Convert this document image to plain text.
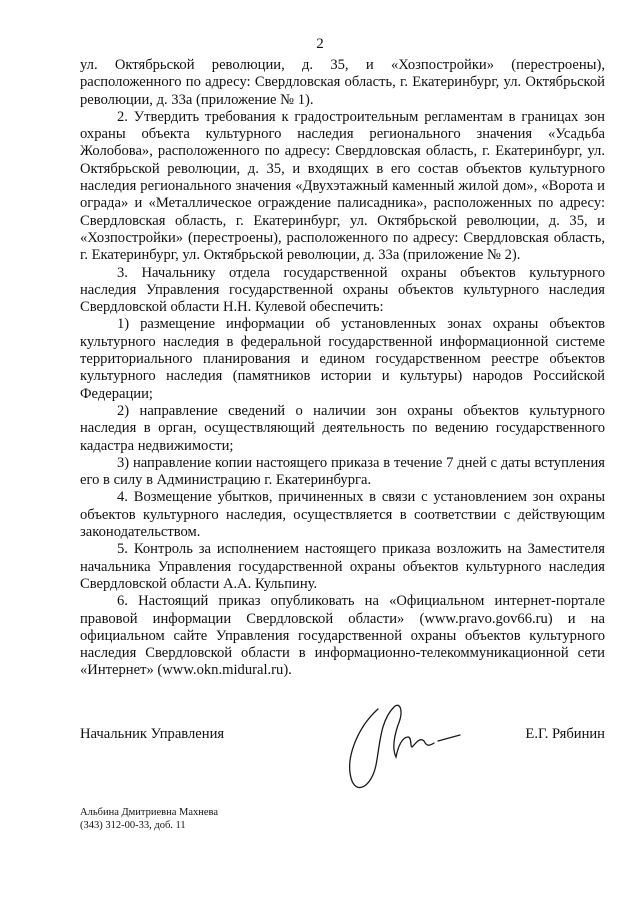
2

ул. Октябрьской революции, д. 35, и «Хозпостройки» (перестроены), расположенного по адресу: Свердловская область, г. Екатеринбург, ул. Октябрьской революции, д. 33а (приложение № 1).

2. Утвердить требования к градостроительным регламентам в границах зон охраны объекта культурного наследия регионального значения «Усадьба Жолобова», расположенного по адресу: Свердловская область, г. Екатеринбург, ул. Октябрьской революции, д. 35, и входящих в его состав объектов культурного наследия регионального значения «Двухэтажный каменный жилой дом», «Ворота и ограда» и «Металлическое ограждение палисадника», расположенных по адресу: Свердловская область, г. Екатеринбург, ул. Октябрьской революции, д. 35, и «Хозпостройки» (перестроены), расположенного по адресу: Свердловская область, г. Екатеринбург, ул. Октябрьской революции, д. 33а (приложение № 2).

3. Начальнику отдела государственной охраны объектов культурного наследия Управления государственной охраны объектов культурного наследия Свердловской области Н.Н. Кулевой обеспечить:

1) размещение информации об установленных зонах охраны объектов культурного наследия в федеральной государственной информационной системе территориального планирования и едином государственном реестре объектов культурного наследия (памятников истории и культуры) народов Российской Федерации;

2) направление сведений о наличии зон охраны объектов культурного наследия в орган, осуществляющий деятельность по ведению государственного кадастра недвижимости;

3) направление копии настоящего приказа в течение 7 дней с даты вступления его в силу в Администрацию г. Екатеринбурга.

4. Возмещение убытков, причиненных в связи с установлением зон охраны объектов культурного наследия, осуществляется в соответствии с действующим законодательством.

5. Контроль за исполнением настоящего приказа возложить на Заместителя начальника Управления государственной охраны объектов культурного наследия Свердловской области А.А. Кульпину.

6. Настоящий приказ опубликовать на «Официальном интернет-портале правовой информации Свердловской области» (www.pravo.gov66.ru) и на официальном сайте Управления государственной охраны объектов культурного наследия Свердловской области в информационно-телекоммуникационной сети «Интернет» (www.okn.midural.ru).

Начальник Управления	Е.Г. Рябинин
Альбина Дмитриевна Махнева
(343) 312-00-33, доб. 11
